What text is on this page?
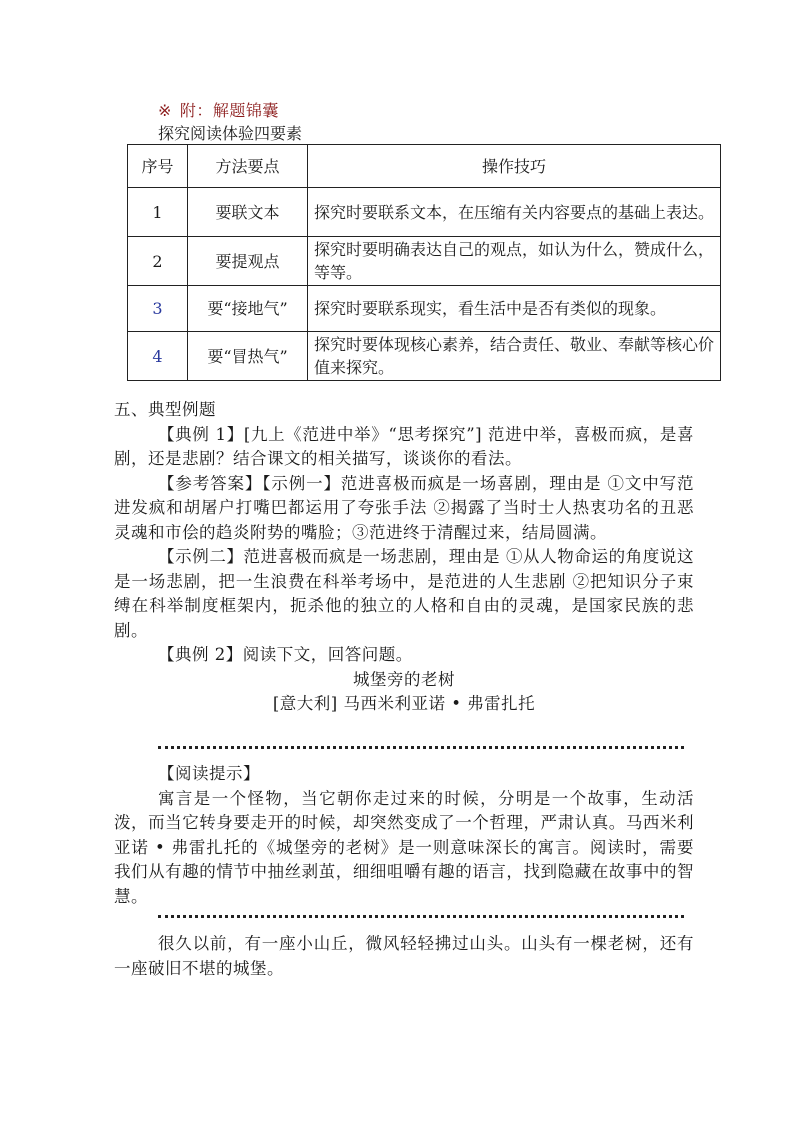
※ 附：解题锦囊
探究阅读体验四要素
序号	方法要点	操作技巧
1	要联文本	探究时要联系文本，在压缩有关内容要点的基础上表达。
2	要提观点	探究时要明确表达自己的观点，如认为什么，赞成什么，等等。
3	要“接地气”	探究时要联系现实，看生活中是否有类似的现象。
4	要“冒热气”	探究时要体现核心素养，结合责任、敬业、奉献等核心价值来探究。

五、典型例题

【典例 1】[九上《范进中举》“思考探究”] 范进中举，喜极而疯，是喜剧，还是悲剧？结合课文的相关描写，谈谈你的看法。

【参考答案】【示例一】范进喜极而疯是一场喜剧，理由是 ①文中写范进发疯和胡屠户打嘴巴都运用了夸张手法 ②揭露了当时士人热衷功名的丑恶灵魂和市侩的趋炎附势的嘴脸；③范进终于清醒过来，结局圆满。

【示例二】范进喜极而疯是一场悲剧，理由是 ①从人物命运的角度说这是一场悲剧，把一生浪费在科举考场中，是范进的人生悲剧 ②把知识分子束缚在科举制度框架内，扼杀他的独立的人格和自由的灵魂，是国家民族的悲剧。

【典例 2】阅读下文，回答问题。

城堡旁的老树

[意大利] 马西米利亚诺 • 弗雷扎托

【阅读提示】

寓言是一个怪物，当它朝你走过来的时候，分明是一个故事，生动活泼，而当它转身要走开的时候，却突然变成了一个哲理，严肃认真。马西米利亚诺 • 弗雷扎托的《城堡旁的老树》是一则意味深长的寓言。阅读时，需要我们从有趣的情节中抽丝剥茧，细细咀嚼有趣的语言，找到隐藏在故事中的智慧。

很久以前，有一座小山丘，微风轻轻拂过山头。山头有一棵老树，还有一座破旧不堪的城堡。
